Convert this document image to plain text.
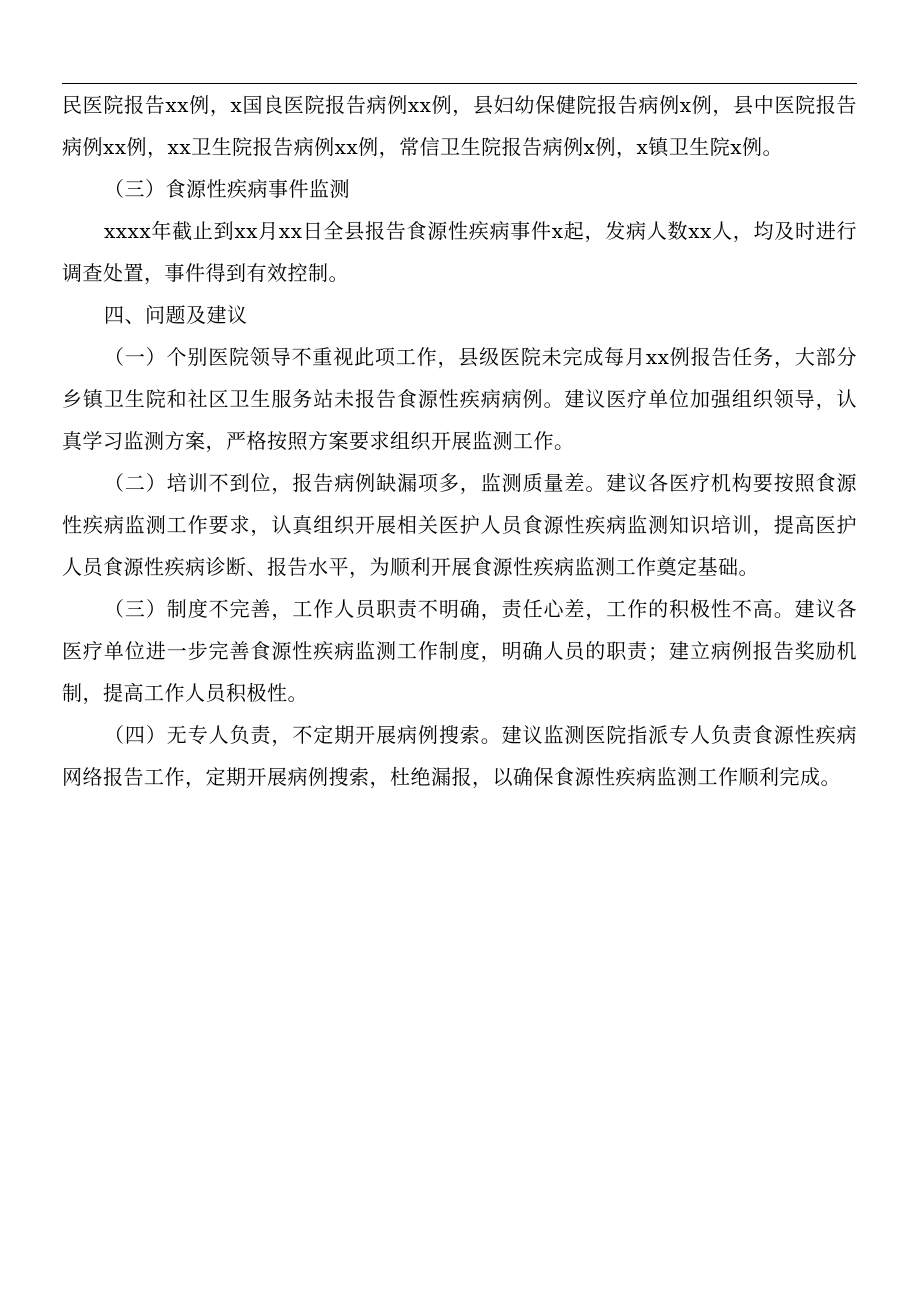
民医院报告xx例，x国良医院报告病例xx例，县妇幼保健院报告病例x例，县中医院报告病例xx例，xx卫生院报告病例xx例，常信卫生院报告病例x例，x镇卫生院x例。

（三）食源性疾病事件监测

xxxx年截止到xx月xx日全县报告食源性疾病事件x起，发病人数xx人，均及时进行调查处置，事件得到有效控制。

四、问题及建议

（一）个别医院领导不重视此项工作，县级医院未完成每月xx例报告任务，大部分乡镇卫生院和社区卫生服务站未报告食源性疾病病例。建议医疗单位加强组织领导，认真学习监测方案，严格按照方案要求组织开展监测工作。

（二）培训不到位，报告病例缺漏项多，监测质量差。建议各医疗机构要按照食源性疾病监测工作要求，认真组织开展相关医护人员食源性疾病监测知识培训，提高医护人员食源性疾病诊断、报告水平，为顺利开展食源性疾病监测工作奠定基础。

（三）制度不完善，工作人员职责不明确，责任心差，工作的积极性不高。建议各医疗单位进一步完善食源性疾病监测工作制度，明确人员的职责；建立病例报告奖励机制，提高工作人员积极性。

（四）无专人负责，不定期开展病例搜索。建议监测医院指派专人负责食源性疾病网络报告工作，定期开展病例搜索，杜绝漏报，以确保食源性疾病监测工作顺利完成。
